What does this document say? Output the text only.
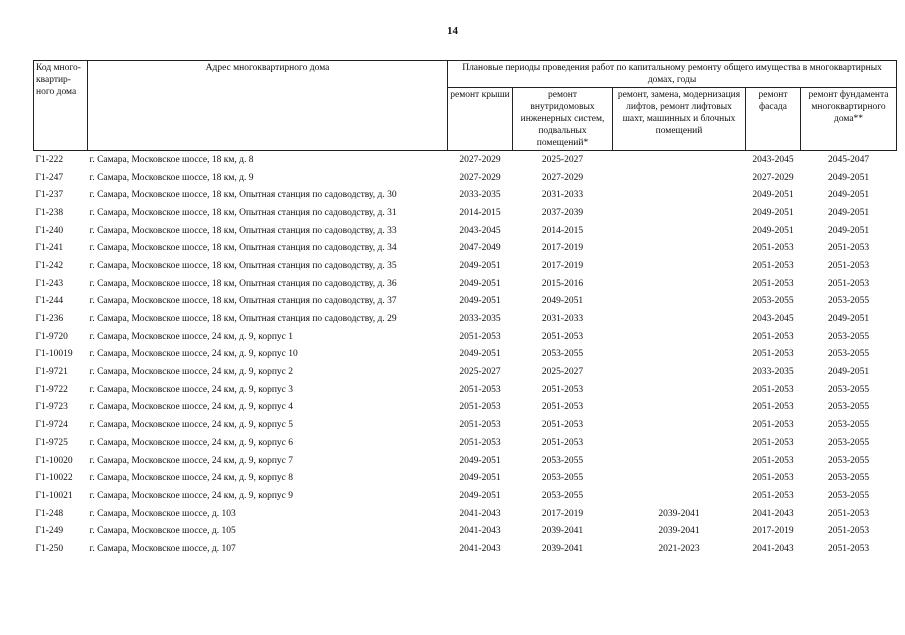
14
Код много-квартир-ного дома	Адрес многоквартирного дома	Плановые периоды проведения работ по капитальному ремонту общего имущества в многоквартирных домах, годы				
		ремонт крыши	ремонт внутридомовых инженерных систем, подвальных помещений*	ремонт, замена, модернизация лифтов, ремонт лифтовых шахт, машинных и блочных помещений	ремонт фасада	ремонт фундамента многоквартирного дома**
Г1-222	г. Самара, Московское шоссе, 18 км, д. 8	2027-2029	2025-2027		2043-2045	2045-2047
Г1-247	г. Самара, Московское шоссе, 18 км, д. 9	2027-2029	2027-2029		2027-2029	2049-2051
Г1-237	г. Самара, Московское шоссе, 18 км, Опытная станция по садоводству, д. 30	2033-2035	2031-2033		2049-2051	2049-2051
Г1-238	г. Самара, Московское шоссе, 18 км, Опытная станция по садоводству, д. 31	2014-2015	2037-2039		2049-2051	2049-2051
Г1-240	г. Самара, Московское шоссе, 18 км, Опытная станция по садоводству, д. 33	2043-2045	2014-2015		2049-2051	2049-2051
Г1-241	г. Самара, Московское шоссе, 18 км, Опытная станция по садоводству, д. 34	2047-2049	2017-2019		2051-2053	2051-2053
Г1-242	г. Самара, Московское шоссе, 18 км, Опытная станция по садоводству, д. 35	2049-2051	2017-2019		2051-2053	2051-2053
Г1-243	г. Самара, Московское шоссе, 18 км, Опытная станция по садоводству, д. 36	2049-2051	2015-2016		2051-2053	2051-2053
Г1-244	г. Самара, Московское шоссе, 18 км, Опытная станция по садоводству, д. 37	2049-2051	2049-2051		2053-2055	2053-2055
Г1-236	г. Самара, Московское шоссе, 18 км, Опытная станция по садоводству, д. 29	2033-2035	2031-2033		2043-2045	2049-2051
Г1-9720	г. Самара, Московское шоссе, 24 км, д. 9, корпус 1	2051-2053	2051-2053		2051-2053	2053-2055
Г1-10019	г. Самара, Московское шоссе, 24 км, д. 9, корпус 10	2049-2051	2053-2055		2051-2053	2053-2055
Г1-9721	г. Самара, Московское шоссе, 24 км, д. 9, корпус 2	2025-2027	2025-2027		2033-2035	2049-2051
Г1-9722	г. Самара, Московское шоссе, 24 км, д. 9, корпус 3	2051-2053	2051-2053		2051-2053	2053-2055
Г1-9723	г. Самара, Московское шоссе, 24 км, д. 9, корпус 4	2051-2053	2051-2053		2051-2053	2053-2055
Г1-9724	г. Самара, Московское шоссе, 24 км, д. 9, корпус 5	2051-2053	2051-2053		2051-2053	2053-2055
Г1-9725	г. Самара, Московское шоссе, 24 км, д. 9, корпус 6	2051-2053	2051-2053		2051-2053	2053-2055
Г1-10020	г. Самара, Московское шоссе, 24 км, д. 9, корпус 7	2049-2051	2053-2055		2051-2053	2053-2055
Г1-10022	г. Самара, Московское шоссе, 24 км, д. 9, корпус 8	2049-2051	2053-2055		2051-2053	2053-2055
Г1-10021	г. Самара, Московское шоссе, 24 км, д. 9, корпус 9	2049-2051	2053-2055		2051-2053	2053-2055
Г1-248	г. Самара, Московское шоссе, д. 103	2041-2043	2017-2019	2039-2041	2041-2043	2051-2053
Г1-249	г. Самара, Московское шоссе, д. 105	2041-2043	2039-2041	2039-2041	2017-2019	2051-2053
Г1-250	г. Самара, Московское шоссе, д. 107	2041-2043	2039-2041	2021-2023	2041-2043	2051-2053
